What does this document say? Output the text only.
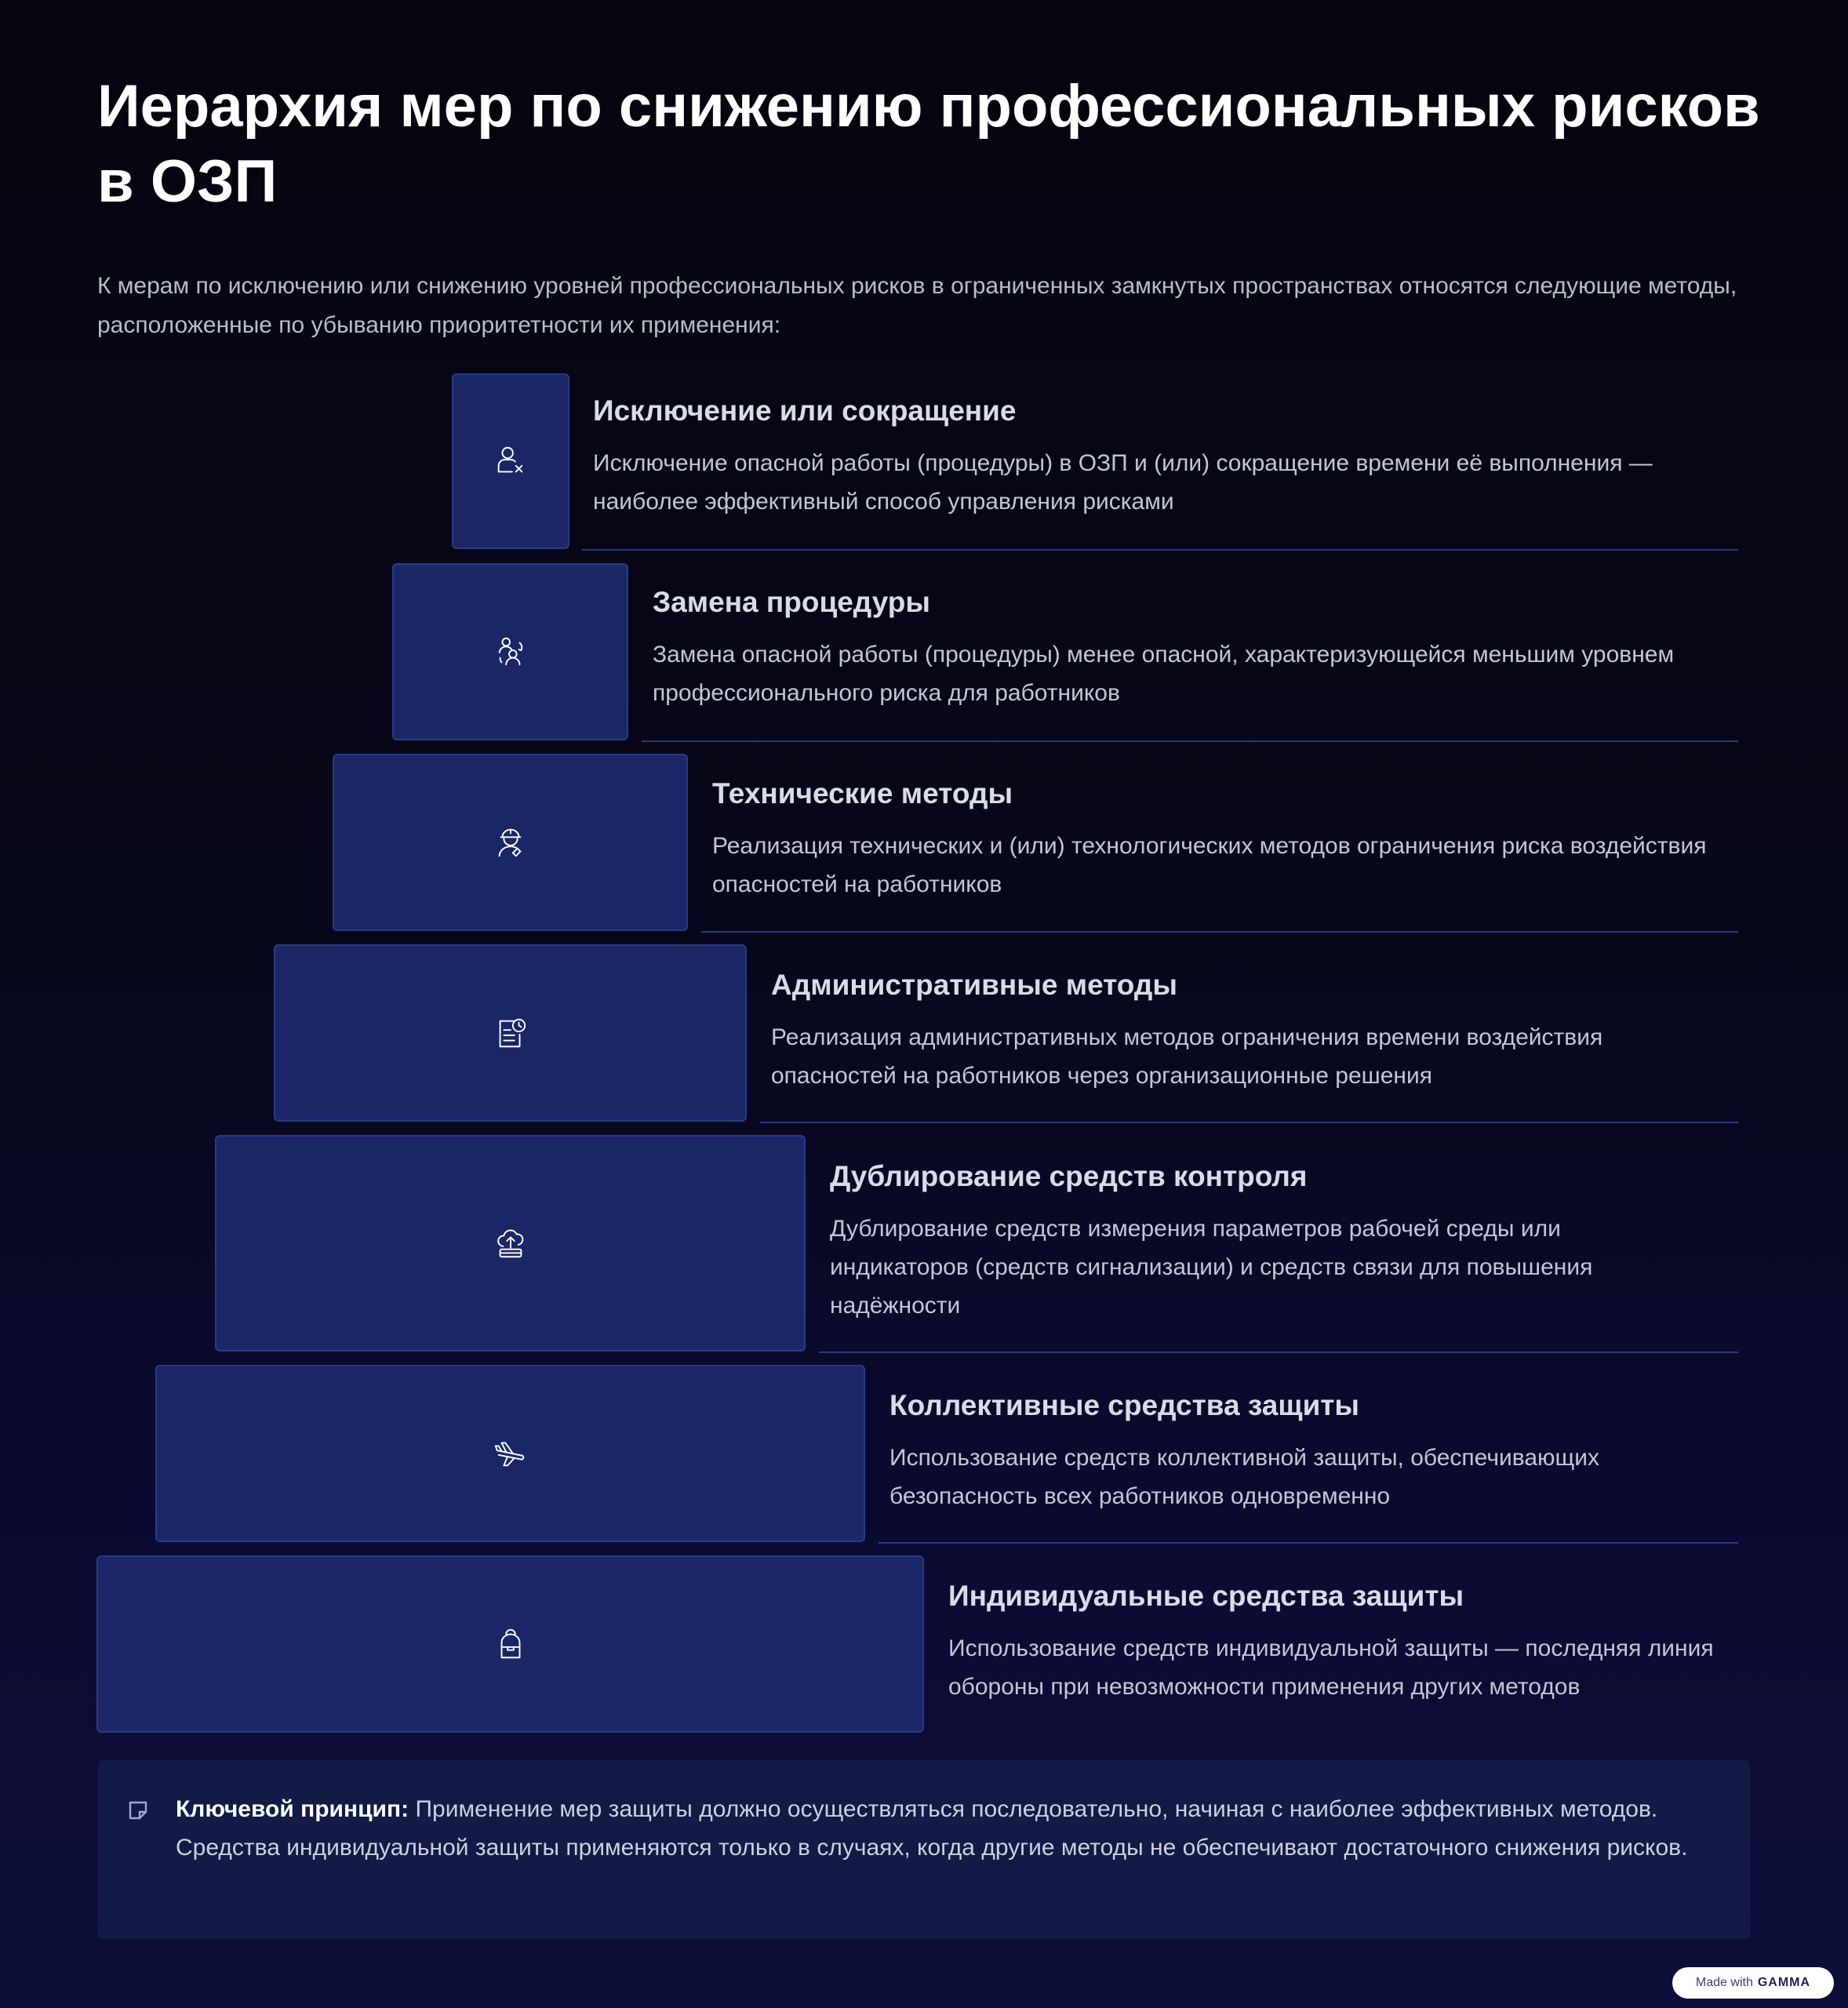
Иерархия мер по снижению профессиональных рисков в ОЗП

К мерам по исключению или снижению уровней профессиональных рисков в ограниченных замкнутых пространствах относятся следующие методы, расположенные по убыванию приоритетности их применения:

Исключение или сокращение

Исключение опасной работы (процедуры) в ОЗП и (или) сокращение времени её выполнения — наиболее эффективный способ управления рисками

Замена процедуры

Замена опасной работы (процедуры) менее опасной, характеризующейся меньшим уровнем профессионального риска для работников

Технические методы

Реализация технических и (или) технологических методов ограничения риска воздействия опасностей на работников

Административные методы

Реализация административных методов ограничения времени воздействия опасностей на работников через организационные решения

Дублирование средств контроля

Дублирование средств измерения параметров рабочей среды или индикаторов (средств сигнализации) и средств связи для повышения надёжности

Коллективные средства защиты

Использование средств коллективной защиты, обеспечивающих безопасность всех работников одновременно

Индивидуальные средства защиты

Использование средств индивидуальной защиты — последняя линия обороны при невозможности применения других методов

Ключевой принцип: Применение мер защиты должно осуществляться последовательно, начиная с наиболее эффективных методов. Средства индивидуальной защиты применяются только в случаях, когда другие методы не обеспечивают достаточного снижения рисков.

Made with GAMMA
